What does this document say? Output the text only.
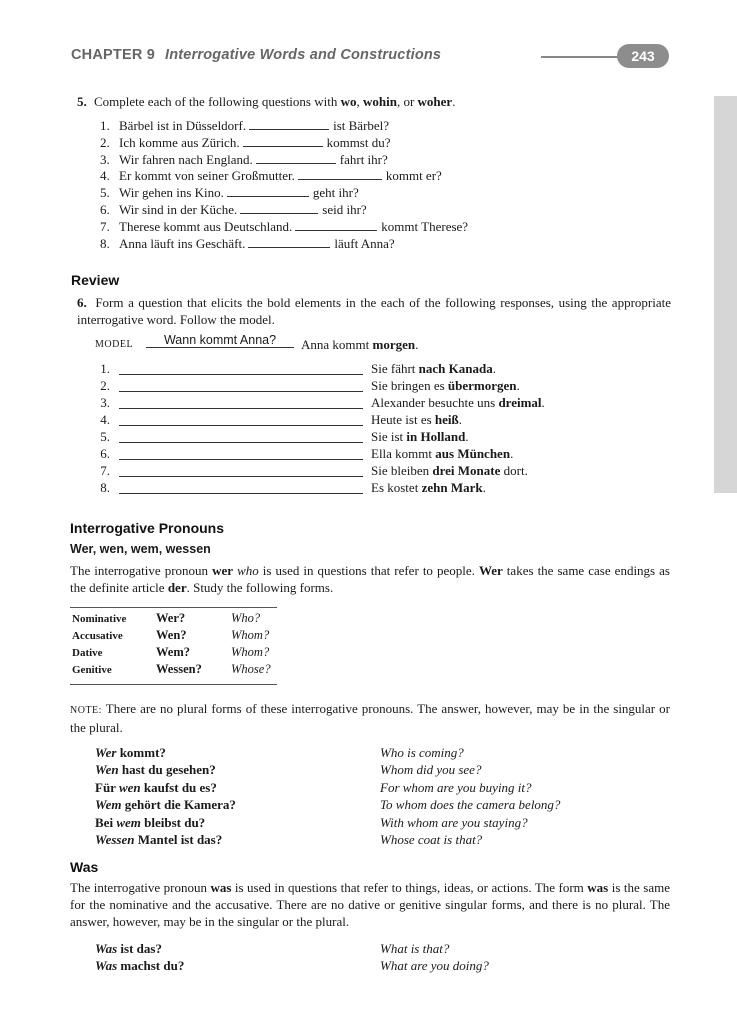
CHAPTER 9 Interrogative Words and Constructions	243
5. Complete each of the following questions with wo, wohin, or woher.
1. Bärbel ist in Düsseldorf.	ist Bärbel?
2. Ich komme aus Zürich.	kommst du?
3. Wir fahren nach England.	fahrt ihr?
4. Er kommt von seiner Großmutter.	kommt er?
5. Wir gehen ins Kino.	geht ihr?
6. Wir sind in der Küche.	seid ihr?
7. Therese kommt aus Deutschland.	kommt Therese?
8. Anna läuft ins Geschäft.	läuft Anna?
Review
6. Form a question that elicits the bold elements in the each of the following responses, using the appropriate interrogative word. Follow the model.
MODEL	Wann kommt Anna?	Anna kommt morgen.
1.	Sie fährt nach Kanada.
2.	Sie bringen es übermorgen.
3.	Alexander besuchte uns dreimal.
4.	Heute ist es heiß.
5.	Sie ist in Holland.
6.	Ella kommt aus München.
7.	Sie bleiben drei Monate dort.
8.	Es kostet zehn Mark.
Interrogative Pronouns
Wer, wen, wem, wessen
The interrogative pronoun wer who is used in questions that refer to people. Wer takes the same case endings as the definite article der. Study the following forms.
Nominative	Wer?	Who?
Accusative	Wen?	Whom?
Dative	Wem?	Whom?
Genitive	Wessen?	Whose?
NOTE: There are no plural forms of these interrogative pronouns. The answer, however, may be in the singular or the plural.
Wer kommt?	Who is coming?
Wen hast du gesehen?	Whom did you see?
Für wen kaufst du es?	For whom are you buying it?
Wem gehört die Kamera?	To whom does the camera belong?
Bei wem bleibst du?	With whom are you staying?
Wessen Mantel ist das?	Whose coat is that?
Was
The interrogative pronoun was is used in questions that refer to things, ideas, or actions. The form was is the same for the nominative and the accusative. There are no dative or genitive singular forms, and there is no plural. The answer, however, may be in the singular or the plural.
Was ist das?	What is that?
Was machst du?	What are you doing?
